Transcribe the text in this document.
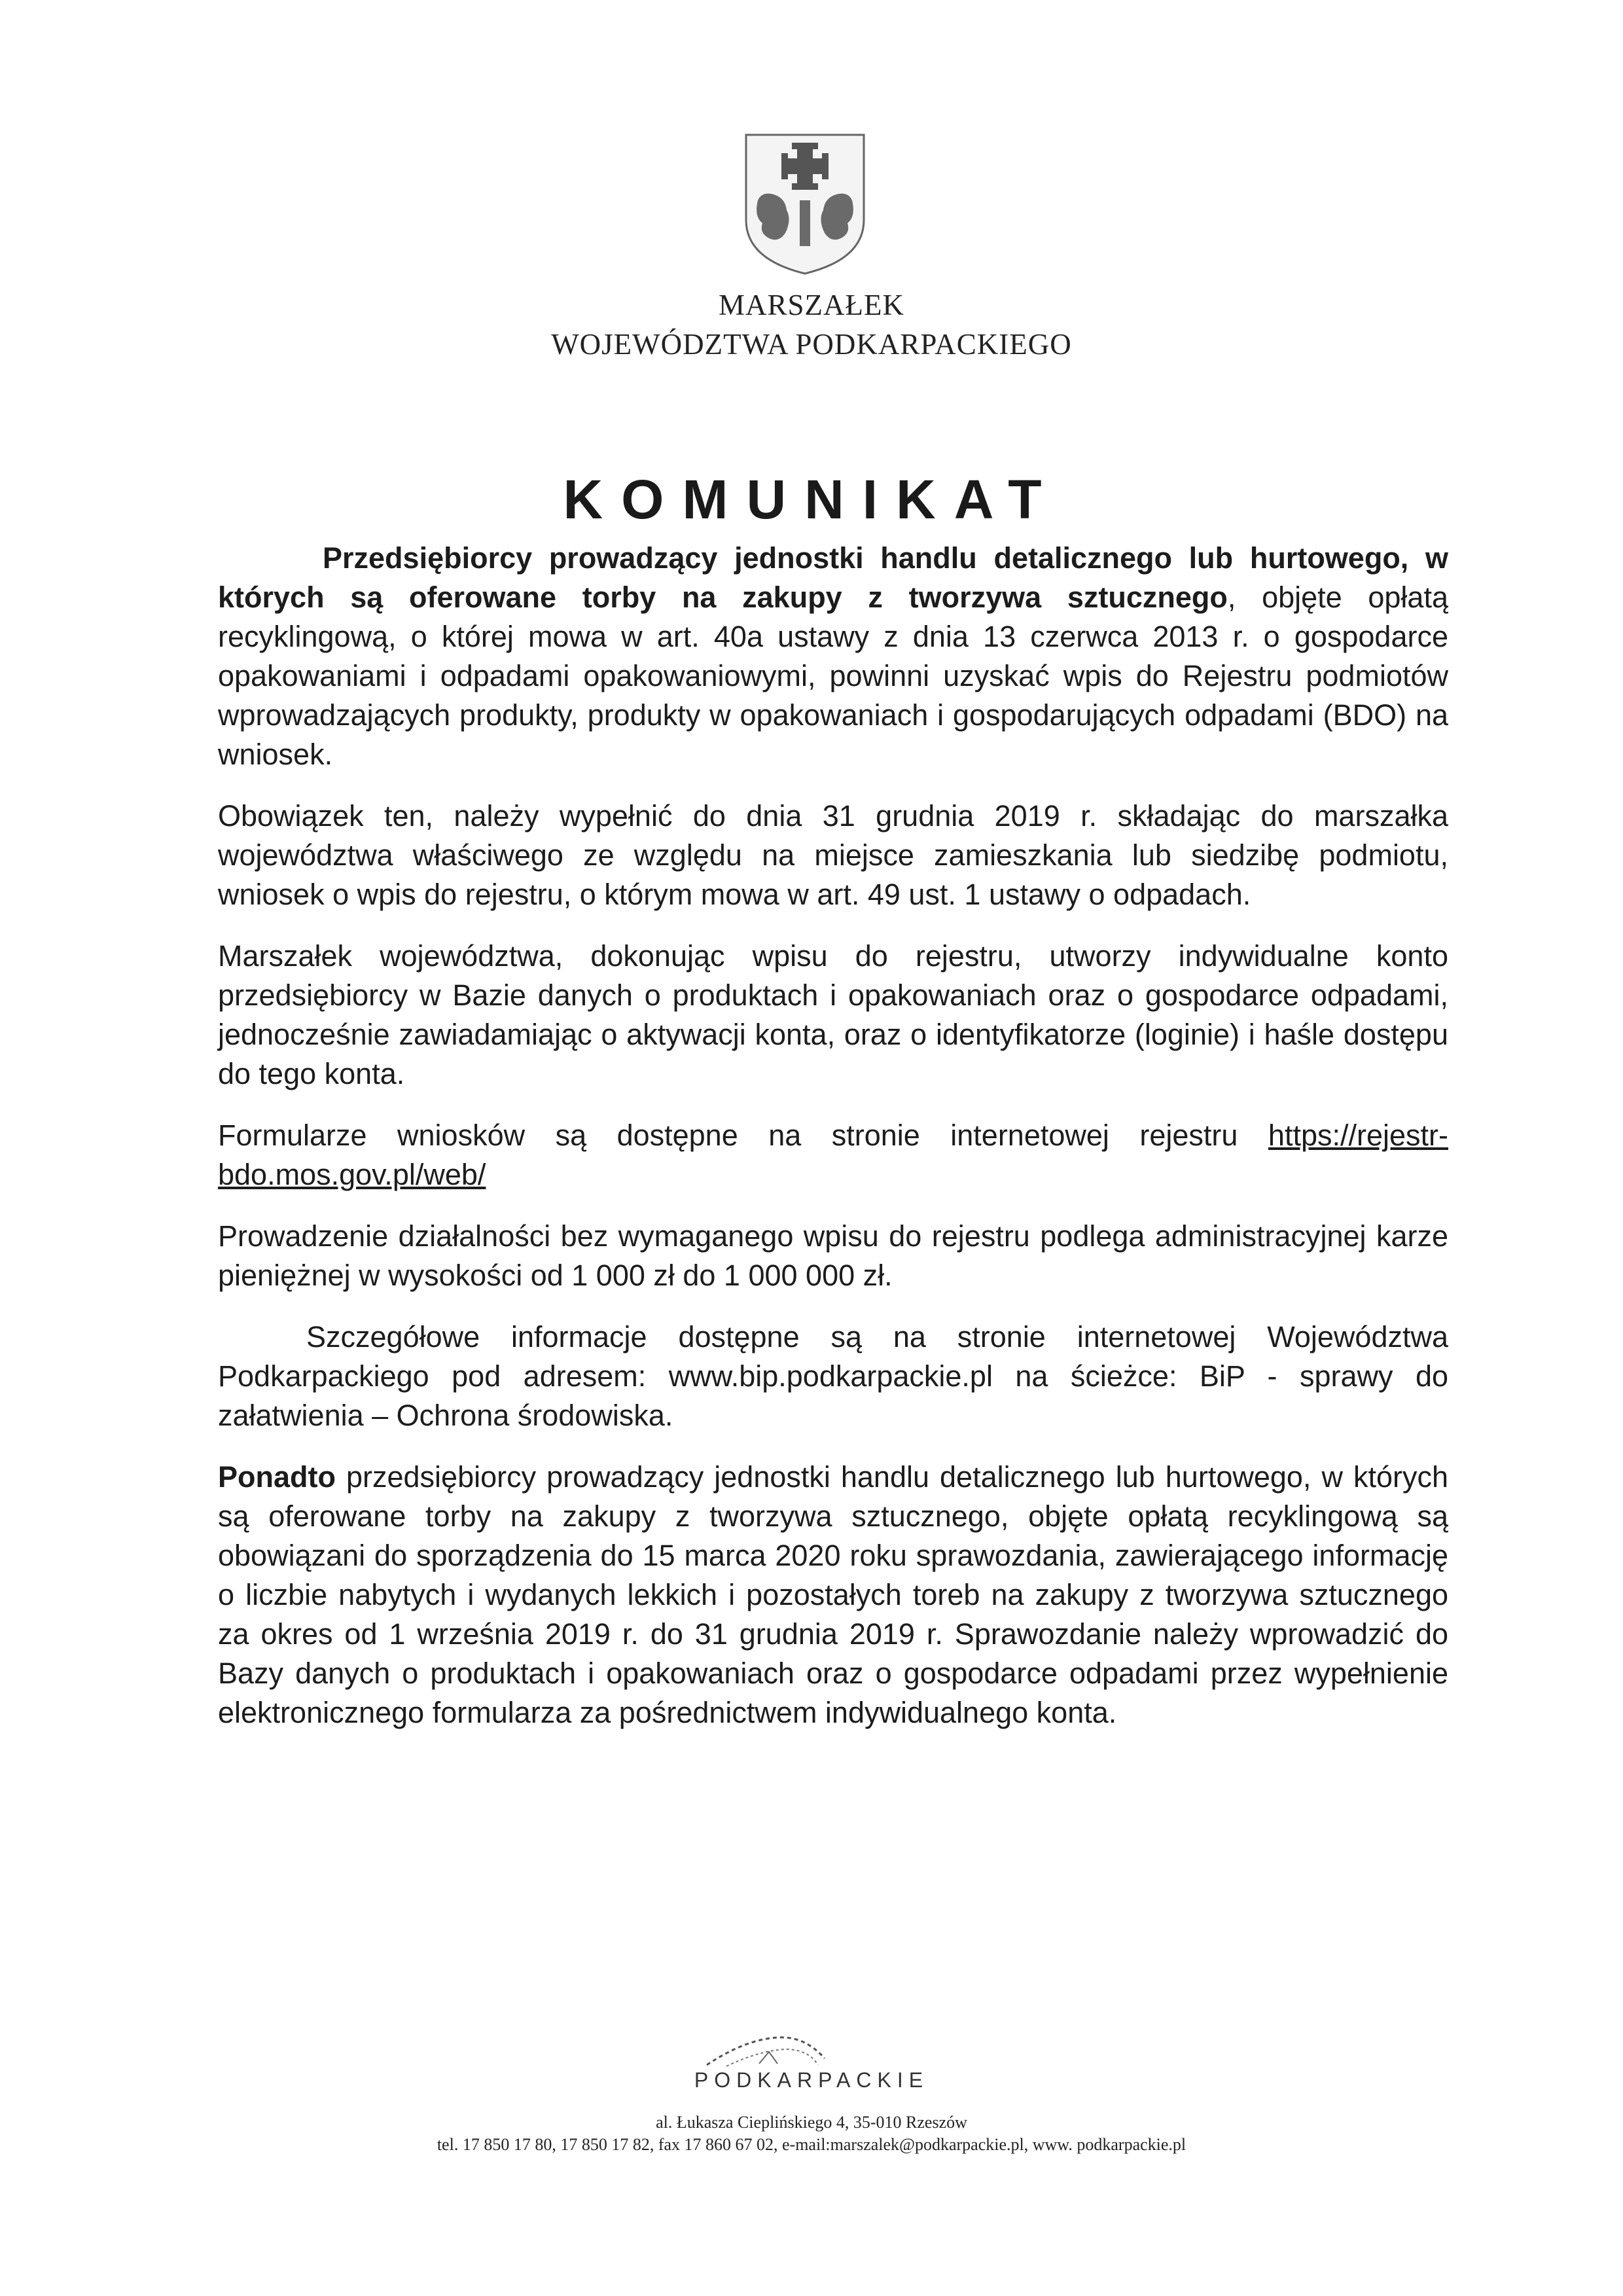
MARSZAŁEK
WOJEWÓDZTWA PODKARPACKIEGO
KOMUNIKAT

Przedsiębiorcy prowadzący jednostki handlu detalicznego lub hurtowego, w których są oferowane torby na zakupy z tworzywa sztucznego, objęte opłatą recyklingową, o której mowa w art. 40a ustawy z dnia 13 czerwca 2013 r. o gospodarce opakowaniami i odpadami opakowaniowymi, powinni uzyskać wpis do Rejestru podmiotów wprowadzających produkty, produkty w opakowaniach i gospodarujących odpadami (BDO) na wniosek.

Obowiązek ten, należy wypełnić do dnia 31 grudnia 2019 r. składając do marszałka województwa właściwego ze względu na miejsce zamieszkania lub siedzibę podmiotu, wniosek o wpis do rejestru, o którym mowa w art. 49 ust. 1 ustawy o odpadach.

Marszałek województwa, dokonując wpisu do rejestru, utworzy indywidualne konto przedsiębiorcy w Bazie danych o produktach i opakowaniach oraz o gospodarce odpadami, jednocześnie zawiadamiając o aktywacji konta, oraz o identyfikatorze (loginie) i haśle dostępu do tego konta.

Formularze wniosków są dostępne na stronie internetowej rejestru https://rejestr-bdo.mos.gov.pl/web/

Prowadzenie działalności bez wymaganego wpisu do rejestru podlega administracyjnej karze pieniężnej w wysokości od 1 000 zł do 1 000 000 zł.

Szczegółowe informacje dostępne są na stronie internetowej Województwa Podkarpackiego pod adresem: www.bip.podkarpackie.pl na ścieżce: BiP - sprawy do załatwienia – Ochrona środowiska.

Ponadto przedsiębiorcy prowadzący jednostki handlu detalicznego lub hurtowego, w których są oferowane torby na zakupy z tworzywa sztucznego, objęte opłatą recyklingową są obowiązani do sporządzenia do 15 marca 2020 roku sprawozdania, zawierającego informację o liczbie nabytych i wydanych lekkich i pozostałych toreb na zakupy z tworzywa sztucznego za okres od 1 września 2019 r. do 31 grudnia 2019 r. Sprawozdanie należy wprowadzić do Bazy danych o produktach i opakowaniach oraz o gospodarce odpadami przez wypełnienie elektronicznego formularza za pośrednictwem indywidualnego konta.

PODKARPACKIE
al. Łukasza Cieplińskiego 4, 35-010 Rzeszów
tel. 17 850 17 80, 17 850 17 82, fax 17 860 67 02, e-mail:marszalek@podkarpackie.pl, www. podkarpackie.pl
